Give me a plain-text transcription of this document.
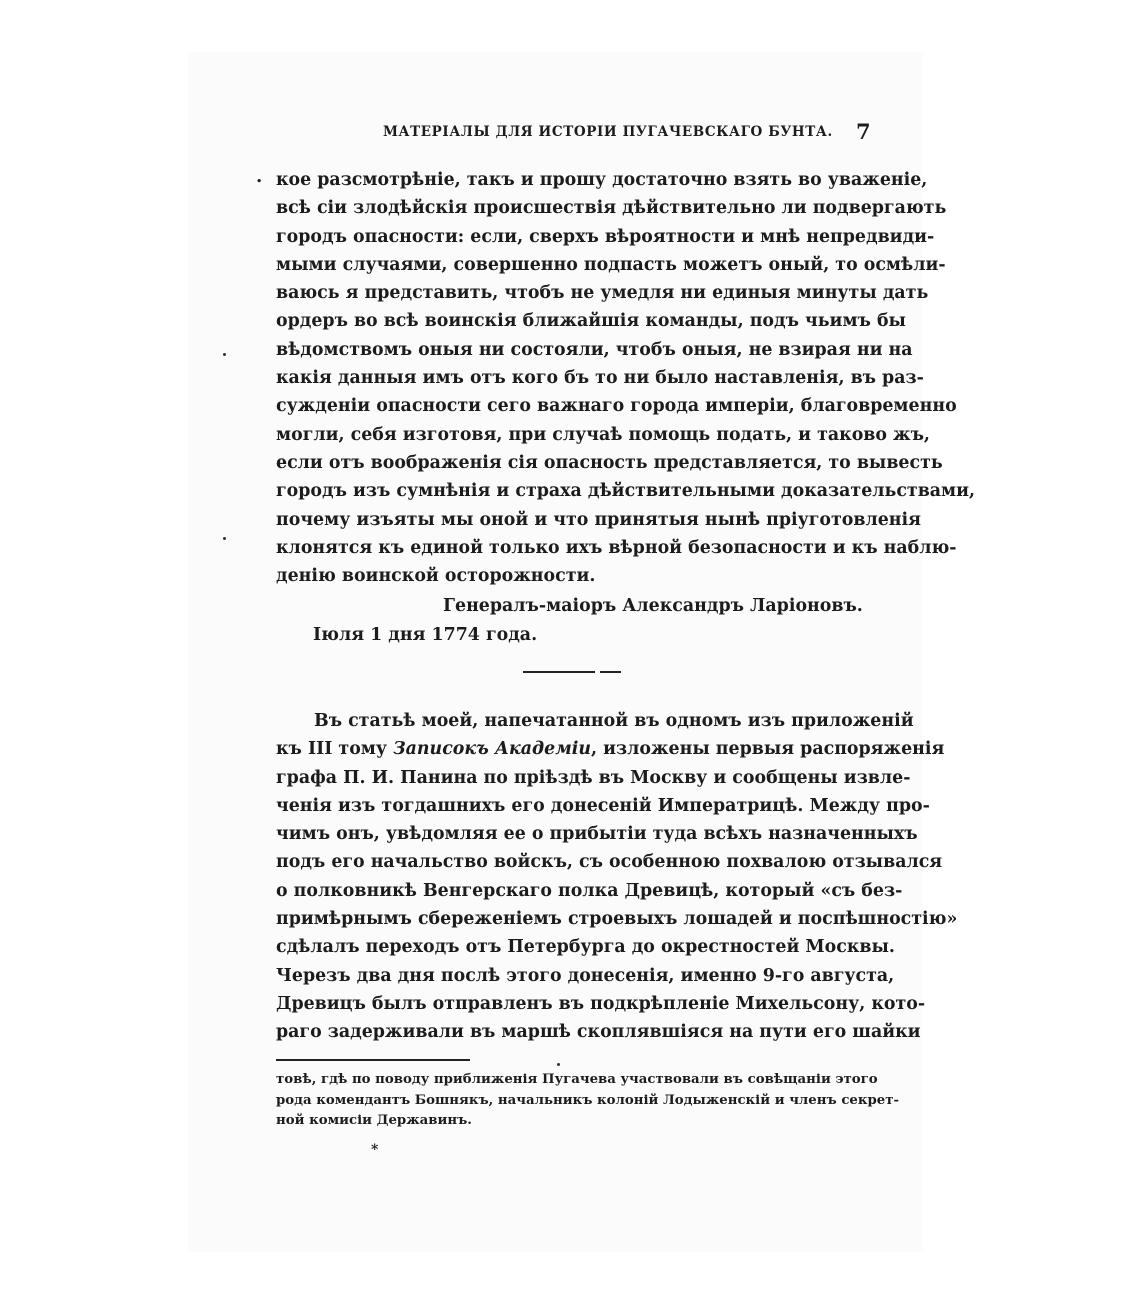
МАТЕРІАЛЫ ДЛЯ ИСТОРІИ ПУГАЧЕВСКАГО БУНТА. 7
. кое разсмотрѣніе, такъ и прошу достаточно взять во уваженіе,
всѣ сіи злодѣйскія происшествія дѣйствительно ли подвергають
городъ опасности: если, сверхъ вѣроятности и мнѣ непредвиди-
мыми случаями, совершенно подпасть можетъ оный, то осмѣли-
ваюсь я представить, чтобъ не умедля ни единыя минуты дать
ордеръ во всѣ воинскія ближайшія команды, подъ чьимъ бы
вѣдомствомъ оныя ни состояли, чтобъ оныя, не взирая ни на
какія данныя имъ отъ кого бъ то ни было наставленія, въ раз-
сужденіи опасности сего важнаго города имперіи, благовременно
могли, себя изготовя, при случаѣ помощь подать, и таково жъ,
если отъ воображенія сія опасность представляется, то вывесть
городъ изъ сумнѣнія и страха дѣйствительными доказательствами,
почему изъяты мы оной и что принятыя нынѣ пріуготовленія
клонятся къ единой только ихъ вѣрной безопасности и къ наблю-
денію воинской осторожности.
Генералъ-маіоръ Александръ Ларіоновъ.
Іюля 1 дня 1774 года.
Въ статьѣ моей, напечатанной въ одномъ изъ приложеній
къ III тому Записокъ Академіи, изложены первыя распоряженія
графа П. И. Панина по пріѣздѣ въ Москву и сообщены извле-
ченія изъ тогдашнихъ его донесеній Императрицѣ. Между про-
чимъ онъ, увѣдомляя ее о прибытіи туда всѣхъ назначенныхъ
подъ его начальство войскъ, съ особенною похвалою отзывался
о полковникѣ Венгерскаго полка Древицѣ, который «съ без-
примѣрнымъ сбереженіемъ строевыхъ лошадей и поспѣшностію»
сдѣлалъ переходъ отъ Петербурга до окрестностей Москвы.
Черезъ два дня послѣ этого донесенія, именно 9-го августа,
Древицъ былъ отправленъ въ подкрѣпленіе Михельсону, кото-
раго задерживали въ маршѣ скоплявшіяся на пути его шайки
товѣ, гдѣ по поводу приближенія Пугачева участвовали въ совѣщаніи этого
рода комендантъ Бошнякъ, начальникъ колоній Лодыженскій и членъ секрет-
ной комисіи Державинъ.
*
